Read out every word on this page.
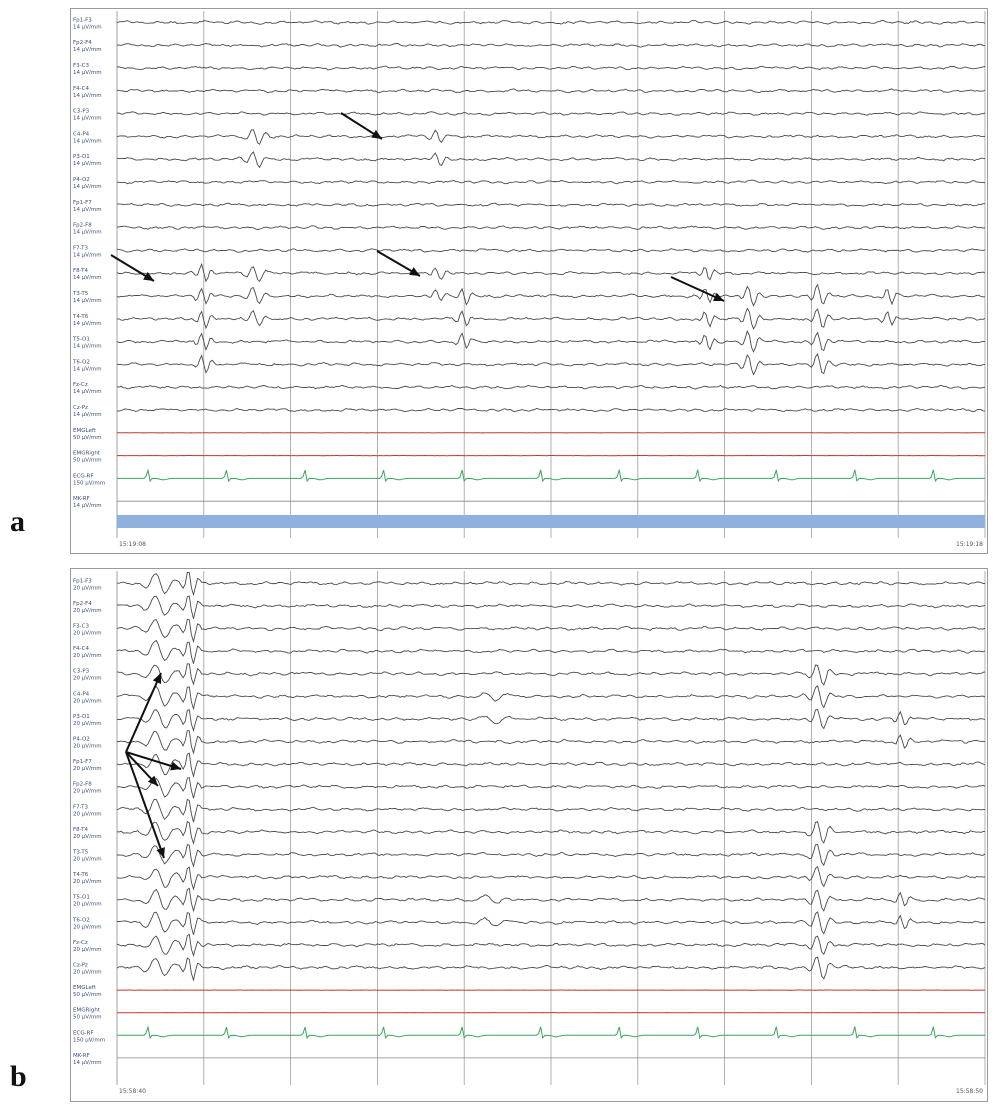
a
b
Fp1-F3
14 µV/mm
Fp2-F4
14 µV/mm
F3-C3
14 µV/mm
F4-C4
14 µV/mm
C3-P3
14 µV/mm
C4-P4
14 µV/mm
P3-O1
14 µV/mm
P4-O2
14 µV/mm
Fp1-F7
14 µV/mm
Fp2-F8
14 µV/mm
F7-T3
14 µV/mm
F8-T4
14 µV/mm
T3-T5
14 µV/mm
T4-T6
14 µV/mm
T5-O1
14 µV/mm
T6-O2
14 µV/mm
Fz-Cz
14 µV/mm
Cz-Pz
14 µV/mm
EMGLeft
50 µV/mm
EMGRight
50 µV/mm
ECG-RF
150 µV/mm
MK-RF
14 µV/mm
15:19:08	15:19:18
Fp1-F3
20 µV/mm
Fp2-F4
20 µV/mm
F3-C3
20 µV/mm
F4-C4
20 µV/mm
C3-P3
20 µV/mm
C4-P4
20 µV/mm
P3-O1
20 µV/mm
P4-O2
20 µV/mm
Fp1-F7
20 µV/mm
Fp2-F8
20 µV/mm
F7-T3
20 µV/mm
F8-T4
20 µV/mm
T3-T5
20 µV/mm
T4-T6
20 µV/mm
T5-O1
20 µV/mm
T6-O2
20 µV/mm
Fz-Cz
20 µV/mm
Cz-Pz
20 µV/mm
EMGLeft
50 µV/mm
EMGRight
50 µV/mm
ECG-RF
150 µV/mm
MK-RF
14 µV/mm
15:58:40	15:58:50
